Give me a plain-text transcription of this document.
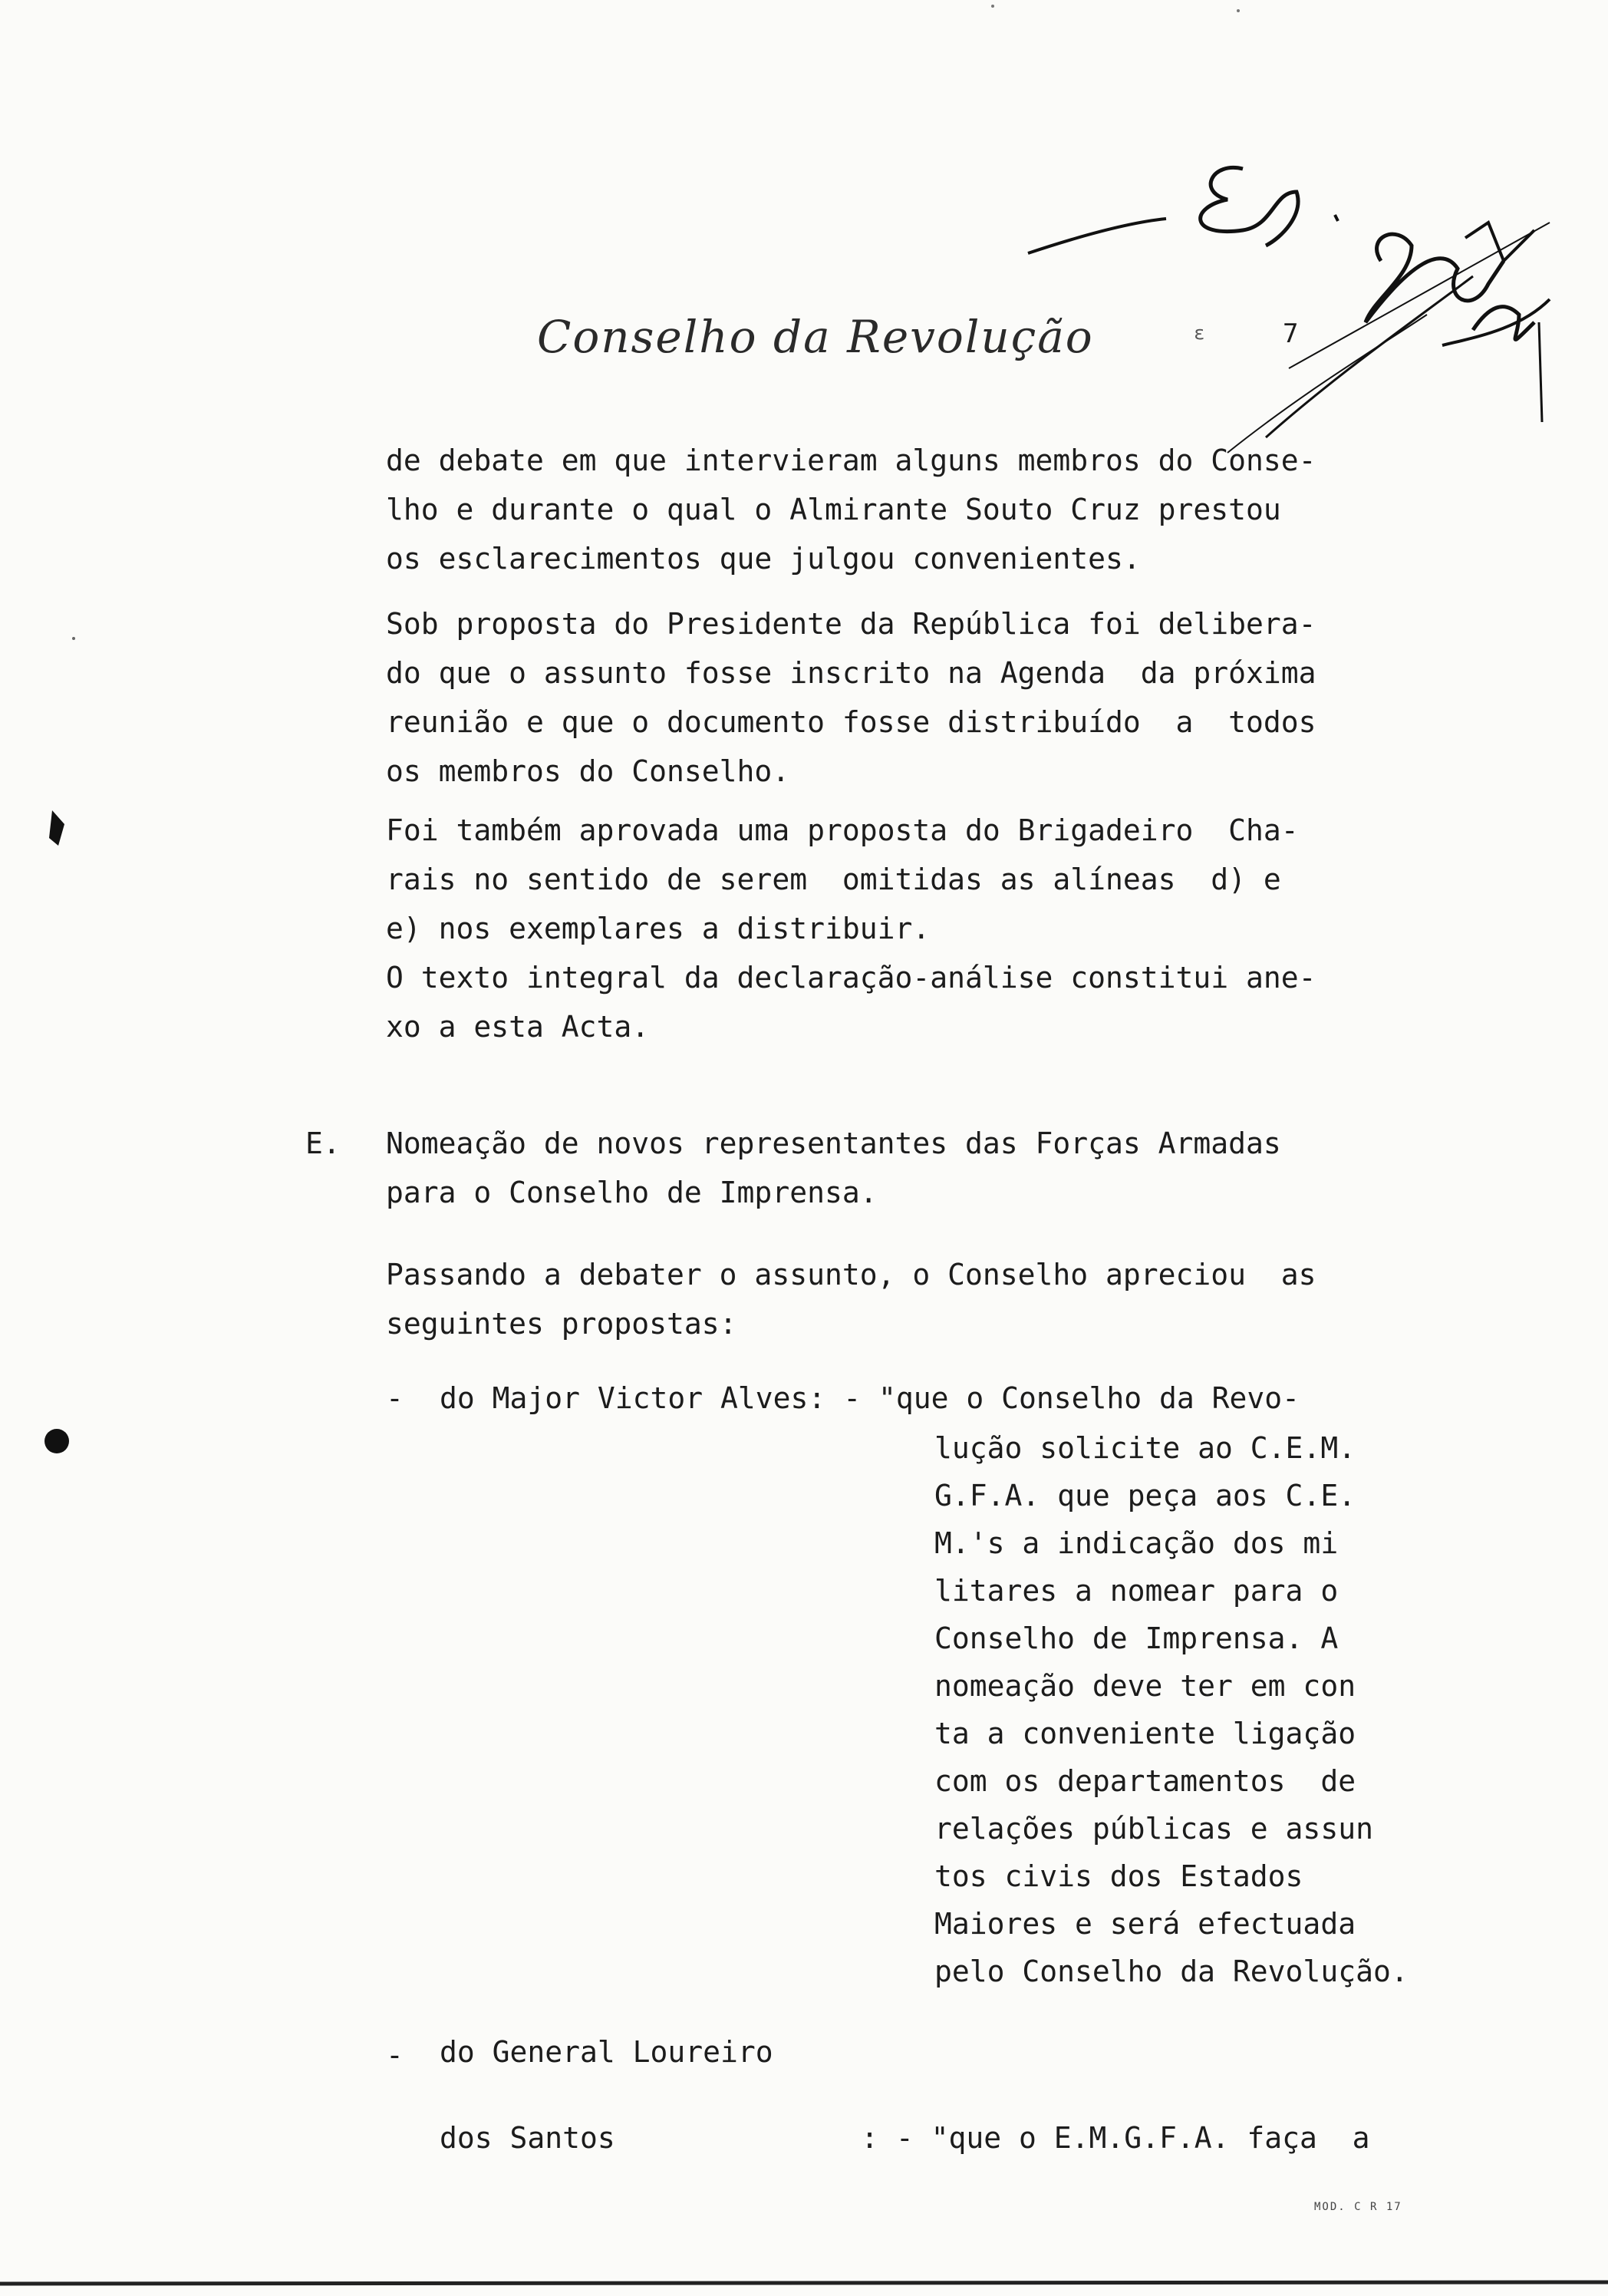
Conselho da Revolução	ε	7
Pinheiro Azevedo

de debate em que intervieram alguns membros do Conse-
lho e durante o qual o Almirante Souto Cruz prestou
os esclarecimentos que julgou convenientes.

Sob proposta do Presidente da República foi delibera-
do que o assunto fosse inscrito na Agenda  da próxima
reunião e que o documento fosse distribuído  a  todos
os membros do Conselho.

Foi também aprovada uma proposta do Brigadeiro  Cha-
rais no sentido de serem  omitidas as alíneas  d) e
e) nos exemplares a distribuir.
O texto integral da declaração-análise constitui ane-
xo a esta Acta.

E. Nomeação de novos representantes das Forças Armadas
para o Conselho de Imprensa.

Passando a debater o assunto, o Conselho apreciou  as
seguintes propostas:

- do Major Victor Alves: - "que o Conselho da Revo-

lução solicite ao C.E.M.
G.F.A. que peça aos C.E.
M.'s a indicação dos mi
litares a nomear para o
Conselho de Imprensa. A
nomeação deve ter em con
ta a conveniente ligação
com os departamentos  de
relações públicas e assun
tos civis dos Estados
Maiores e será efectuada
pelo Conselho da Revolução.
- do General Loureiro

dos Santos              : - "que o E.M.G.F.A. faça  a

MOD. C R 17
